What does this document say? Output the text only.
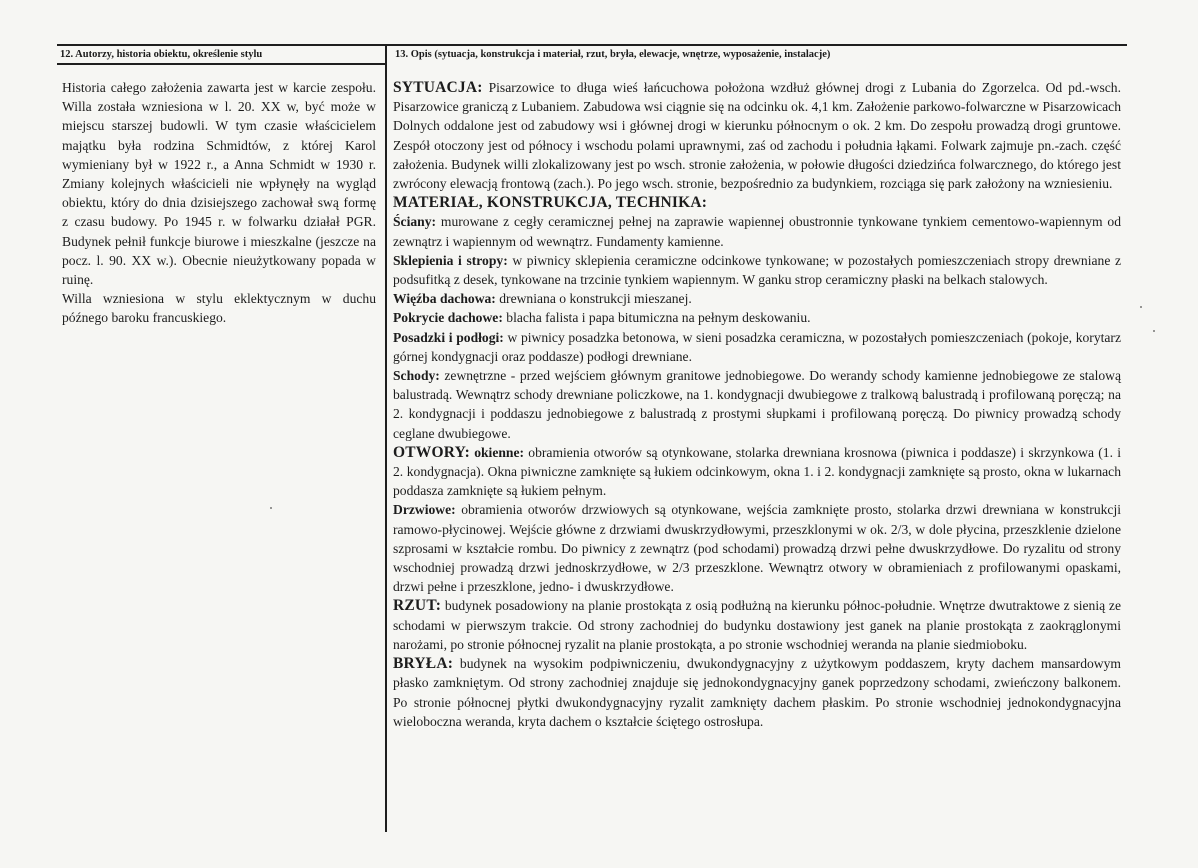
12. Autorzy, historia obiektu, określenie stylu	13. Opis (sytuacja, konstrukcja i materiał, rzut, bryła, elewacje, wnętrze, wyposażenie, instalacje)

Historia całego założenia zawarta jest w karcie zespołu. Willa została wzniesiona w l. 20. XX w, być może w miejscu starszej budowli. W tym czasie właścicielem majątku była rodzina Schmidtów, z której Karol wymieniany był w 1922 r., a Anna Schmidt w 1930 r. Zmiany kolejnych właścicieli nie wpłynęły na wygląd obiektu, który do dnia dzisiejszego zachował swą formę z czasu budowy. Po 1945 r. w folwarku działał PGR. Budynek pełnił funkcje biurowe i mieszkalne (jeszcze na pocz. l. 90. XX w.). Obecnie nieużytkowany popada w ruinę.

Willa wzniesiona w stylu eklektycznym w duchu późnego baroku francuskiego.

SYTUACJA: Pisarzowice to długa wieś łańcuchowa położona wzdłuż głównej drogi z Lubania do Zgorzelca. Od pd.-wsch. Pisarzowice graniczą z Lubaniem. Zabudowa wsi ciągnie się na odcinku ok. 4,1 km. Założenie parkowo-folwarczne w Pisarzowicach Dolnych oddalone jest od zabudowy wsi i głównej drogi w kierunku północnym o ok. 2 km. Do zespołu prowadzą drogi gruntowe. Zespół otoczony jest od północy i wschodu polami uprawnymi, zaś od zachodu i południa łąkami. Folwark zajmuje pn.-zach. część założenia. Budynek willi zlokalizowany jest po wsch. stronie założenia, w połowie długości dziedzińca folwarcznego, do którego jest zwrócony elewacją frontową (zach.). Po jego wsch. stronie, bezpośrednio za budynkiem, rozciąga się park założony na wzniesieniu.

MATERIAŁ, KONSTRUKCJA, TECHNIKA:

Ściany: murowane z cegły ceramicznej pełnej na zaprawie wapiennej obustronnie tynkowane tynkiem cementowo-wapiennym od zewnątrz i wapiennym od wewnątrz. Fundamenty kamienne.

Sklepienia i stropy: w piwnicy sklepienia ceramiczne odcinkowe tynkowane; w pozostałych pomieszczeniach stropy drewniane z podsufitką z desek, tynkowane na trzcinie tynkiem wapiennym. W ganku strop ceramiczny płaski na belkach stalowych.

Więźba dachowa: drewniana o konstrukcji mieszanej.

Pokrycie dachowe: blacha falista i papa bitumiczna na pełnym deskowaniu.

Posadzki i podłogi: w piwnicy posadzka betonowa, w sieni posadzka ceramiczna, w pozostałych pomieszczeniach (pokoje, korytarz górnej kondygnacji oraz poddasze) podłogi drewniane.

Schody: zewnętrzne - przed wejściem głównym granitowe jednobiegowe. Do werandy schody kamienne jednobiegowe ze stalową balustradą. Wewnątrz schody drewniane policzkowe, na 1. kondygnacji dwubiegowe z tralkową balustradą i profilowaną poręczą; na 2. kondygnacji i poddaszu jednobiegowe z balustradą z prostymi słupkami i profilowaną poręczą. Do piwnicy prowadzą schody ceglane dwubiegowe.

OTWORY: okienne: obramienia otworów są otynkowane, stolarka drewniana krosnowa (piwnica i poddasze) i skrzynkowa (1. i 2. kondygnacja). Okna piwniczne zamknięte są łukiem odcinkowym, okna 1. i 2. kondygnacji zamknięte są prosto, okna w lukarnach poddasza zamknięte są łukiem pełnym.

Drzwiowe: obramienia otworów drzwiowych są otynkowane, wejścia zamknięte prosto, stolarka drzwi drewniana w konstrukcji ramowo-płycinowej. Wejście główne z drzwiami dwuskrzydłowymi, przeszklonymi w ok. 2/3, w dole płycina, przeszklenie dzielone szprosami w kształcie rombu. Do piwnicy z zewnątrz (pod schodami) prowadzą drzwi pełne dwuskrzydłowe. Do ryzalitu od strony wschodniej prowadzą drzwi jednoskrzydłowe, w 2/3 przeszklone. Wewnątrz otwory w obramieniach z profilowanymi opaskami, drzwi pełne i przeszklone, jedno- i dwuskrzydłowe.

RZUT: budynek posadowiony na planie prostokąta z osią podłużną na kierunku północ-południe. Wnętrze dwutraktowe z sienią ze schodami w pierwszym trakcie. Od strony zachodniej do budynku dostawiony jest ganek na planie prostokąta z zaokrąglonymi narożami, po stronie północnej ryzalit na planie prostokąta, a po stronie wschodniej weranda na planie siedmioboku.

BRYŁA: budynek na wysokim podpiwniczeniu, dwukondygnacyjny z użytkowym poddaszem, kryty dachem mansardowym płasko zamkniętym. Od strony zachodniej znajduje się jednokondygnacyjny ganek poprzedzony schodami, zwieńczony balkonem. Po stronie północnej płytki dwukondygnacyjny ryzalit zamknięty dachem płaskim. Po stronie wschodniej jednokondygnacyjna wieloboczna weranda, kryta dachem o kształcie ściętego ostrosłupa.
